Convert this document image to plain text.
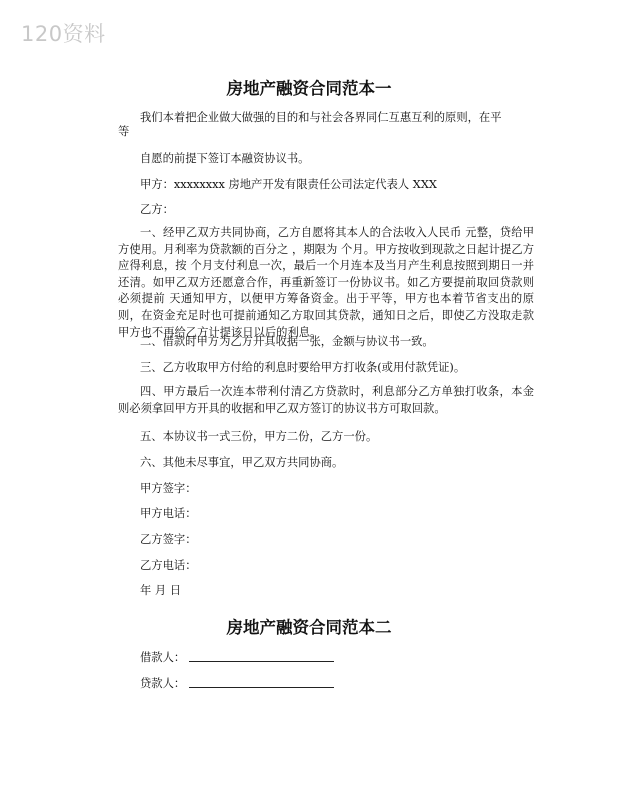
120资料
房地产融资合同范本一
我们本着把企业做大做强的目的和与社会各界同仁互惠互利的原则，在平
等
自愿的前提下签订本融资协议书。
甲方：xxxxxxxx 房地产开发有限责任公司法定代表人 XXX
乙方：
一、经甲乙双方共同协商，乙方自愿将其本人的合法收入人民币 元整，贷给甲方使用。月利率为贷款额的百分之 ，期限为 个月。甲方按收到现款之日起计提乙方应得利息，按 个月支付利息一次，最后一个月连本及当月产生利息按照到期日一并还清。如甲乙双方还愿意合作，再重新签订一份协议书。如乙方要提前取回贷款则必须提前 天通知甲方，以便甲方筹备资金。出于平等，甲方也本着节省支出的原则，在资金充足时也可提前通知乙方取回其贷款，通知日之后，即使乙方没取走款甲方也不再给乙方计提该日以后的利息。
二、借款时甲方为乙方开具收据一张，金额与协议书一致。
三、乙方收取甲方付给的利息时要给甲方打收条(或用付款凭证)。
四、甲方最后一次连本带利付清乙方贷款时，利息部分乙方单独打收条，本金则必须拿回甲方开具的收据和甲乙双方签订的协议书方可取回款。
五、本协议书一式三份，甲方二份，乙方一份。
六、其他未尽事宜，甲乙双方共同协商。
甲方签字：
甲方电话：
乙方签字：
乙方电话：
年 月 日
房地产融资合同范本二
借款人：
贷款人：
